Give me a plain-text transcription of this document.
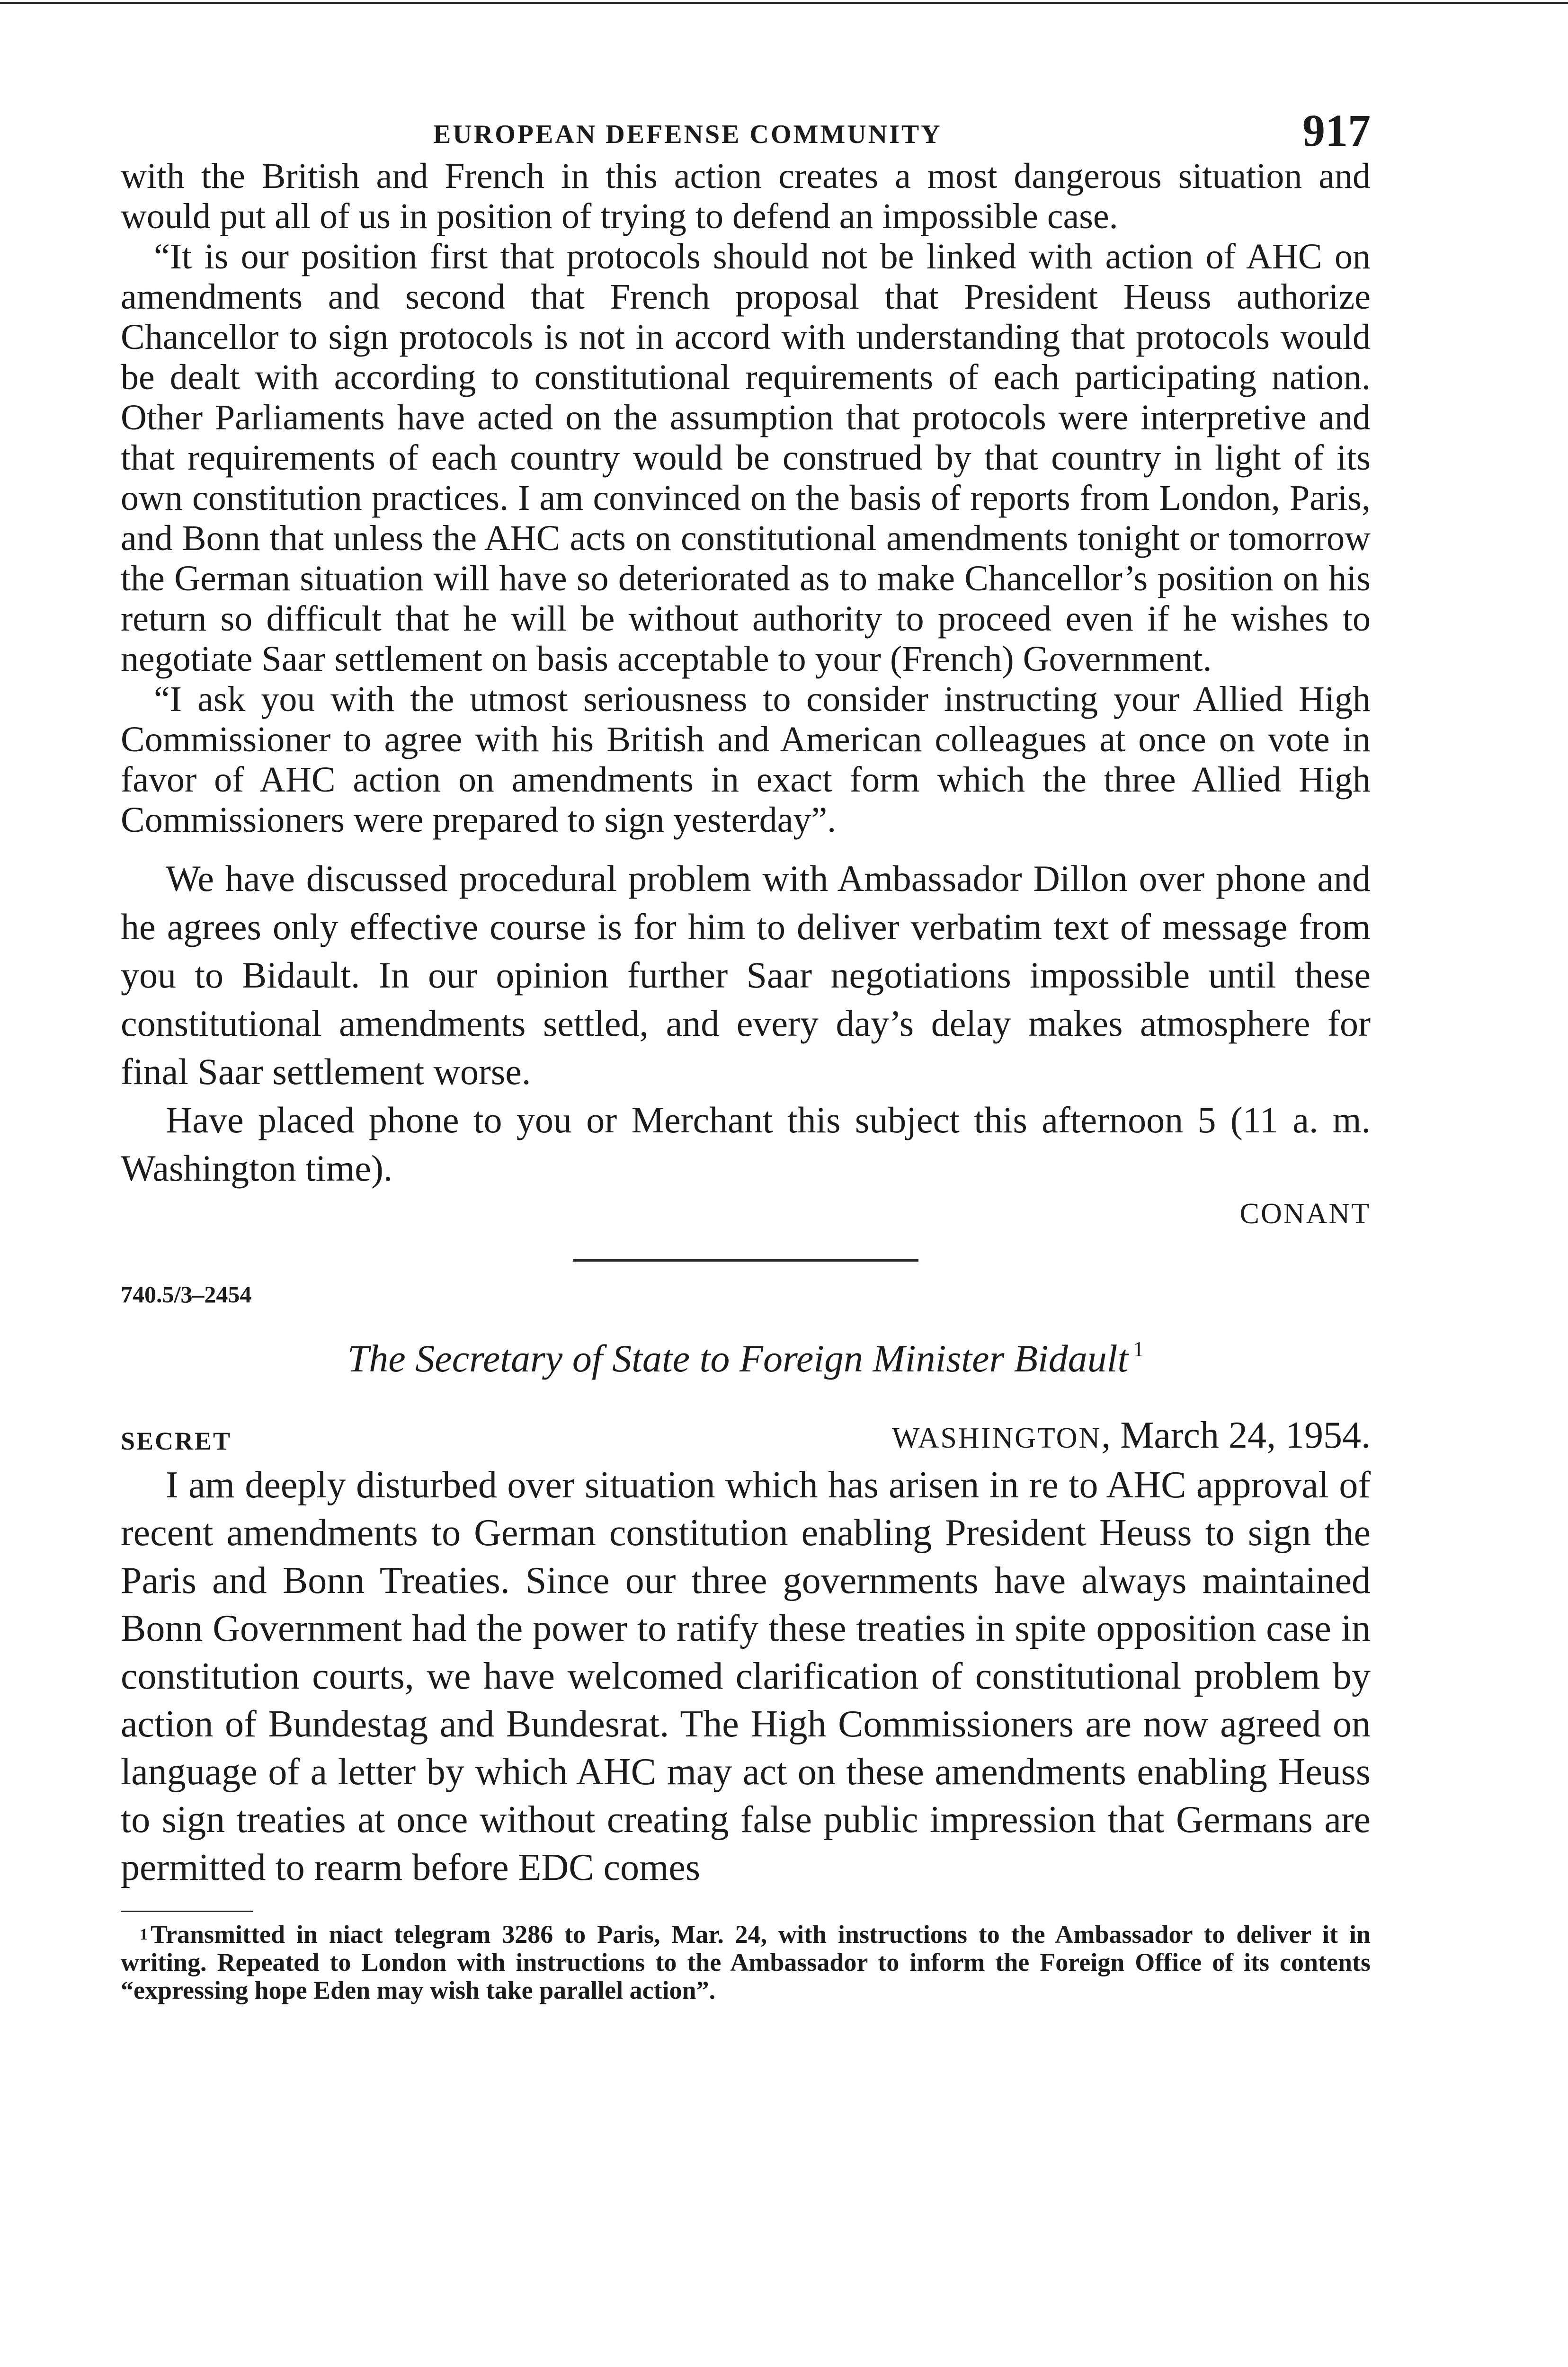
EUROPEAN DEFENSE COMMUNITY	917

with the British and French in this action creates a most dangerous situation and would put all of us in position of trying to defend an impossible case.

“It is our position first that protocols should not be linked with action of AHC on amendments and second that French proposal that President Heuss authorize Chancellor to sign protocols is not in accord with understanding that protocols would be dealt with according to constitutional requirements of each participating nation. Other Parliaments have acted on the assumption that protocols were interpretive and that requirements of each country would be construed by that country in light of its own constitution practices. I am convinced on the basis of reports from London, Paris, and Bonn that unless the AHC acts on constitutional amendments tonight or tomorrow the German situation will have so deteriorated as to make Chancellor’s position on his return so difficult that he will be without authority to proceed even if he wishes to negotiate Saar settlement on basis acceptable to your (French) Government.

“I ask you with the utmost seriousness to consider instructing your Allied High Commissioner to agree with his British and American colleagues at once on vote in favor of AHC action on amendments in exact form which the three Allied High Commissioners were prepared to sign yesterday”.

We have discussed procedural problem with Ambassador Dillon over phone and he agrees only effective course is for him to deliver verbatim text of message from you to Bidault. In our opinion further Saar negotiations impossible until these constitutional amendments settled, and every day’s delay makes atmosphere for final Saar settlement worse.

Have placed phone to you or Merchant this subject this afternoon 5 (11 a. m. Washington time).

CONANT
740.5/3–2454
The Secretary of State to Foreign Minister Bidault $^1$
SECRET	WASHINGTON, March 24, 1954.

I am deeply disturbed over situation which has arisen in re to AHC approval of recent amendments to German constitution enabling President Heuss to sign the Paris and Bonn Treaties. Since our three governments have always maintained Bonn Government had the power to ratify these treaties in spite opposition case in constitution courts, we have welcomed clarification of constitutional problem by action of Bundestag and Bundesrat. The High Commissioners are now agreed on language of a letter by which AHC may act on these amendments enabling Heuss to sign treaties at once without creating false public impression that Germans are permitted to rearm before EDC comes

$^1$ Transmitted in niact telegram 3286 to Paris, Mar. 24, with instructions to the Ambassador to deliver it in writing. Repeated to London with instructions to the Ambassador to inform the Foreign Office of its contents “expressing hope Eden may wish take parallel action”.
